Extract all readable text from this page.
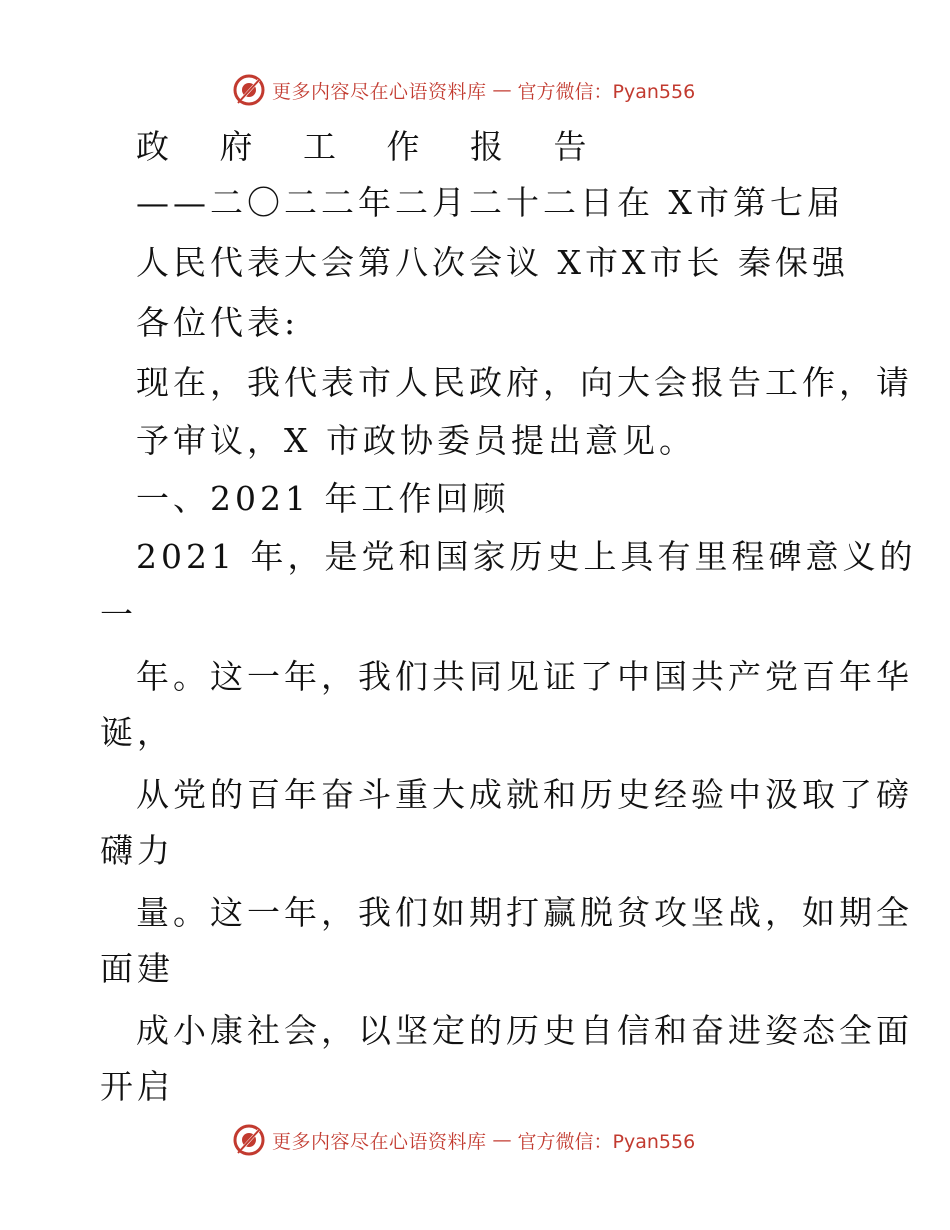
更多内容尽在心语资料库 — 官方微信：Pyan556
政 府 工 作 报 告
——二〇二二年二月二十二日在 X市第七届
人民代表大会第八次会议 X市X市长 秦保强
各位代表:
现在，我代表市人民政府，向大会报告工作，请
予审议，X 市政协委员提出意见。
一、2021 年工作回顾
2021 年，是党和国家历史上具有里程碑意义的
一
年。这一年，我们共同见证了中国共产党百年华
诞，
从党的百年奋斗重大成就和历史经验中汲取了磅
礴力
量。这一年，我们如期打赢脱贫攻坚战，如期全
面建
成小康社会，以坚定的历史自信和奋进姿态全面
开启
更多内容尽在心语资料库 — 官方微信：Pyan556
